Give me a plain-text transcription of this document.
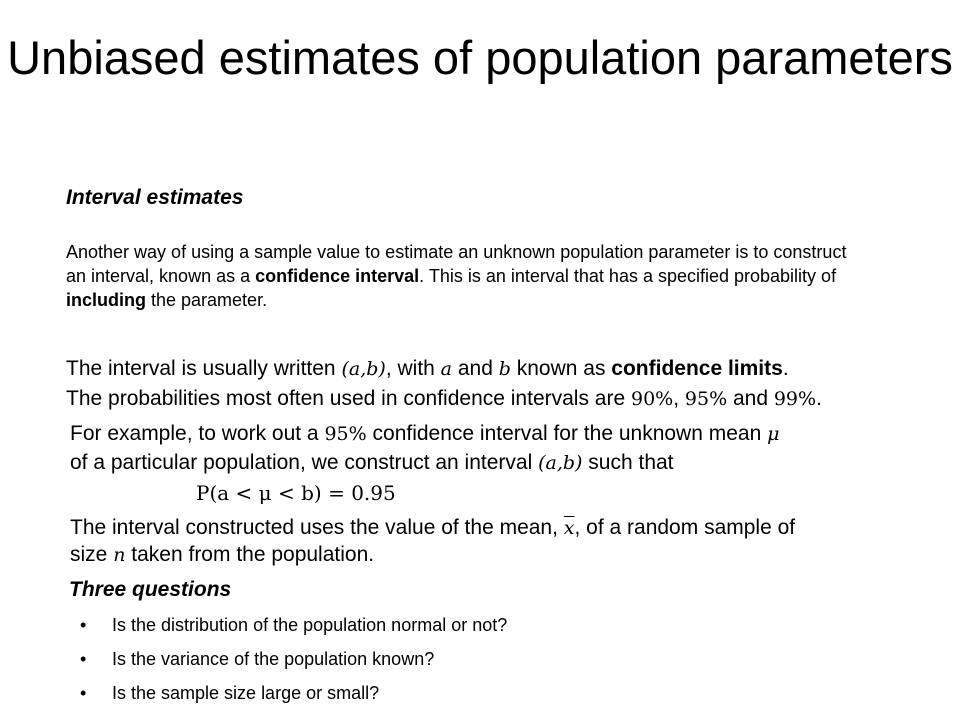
Unbiased estimates of population parameters
Interval estimates
Another way of using a sample value to estimate an unknown population parameter is to construct an interval, known as a confidence interval. This is an interval that has a specified probability of including the parameter.
The interval is usually written (a,b), with a and b known as confidence limits.
The probabilities most often used in confidence intervals are 90%, 95% and 99%.
For example, to work out a 95% confidence interval for the unknown mean μ
of a particular population, we construct an interval (a,b) such that
P(a < μ < b) = 0.95
The interval constructed uses the value of the mean, $\overline{x}$, of a random sample of
size n taken from the population.
Three questions
• Is the distribution of the population normal or not?
• Is the variance of the population known?
• Is the sample size large or small?
